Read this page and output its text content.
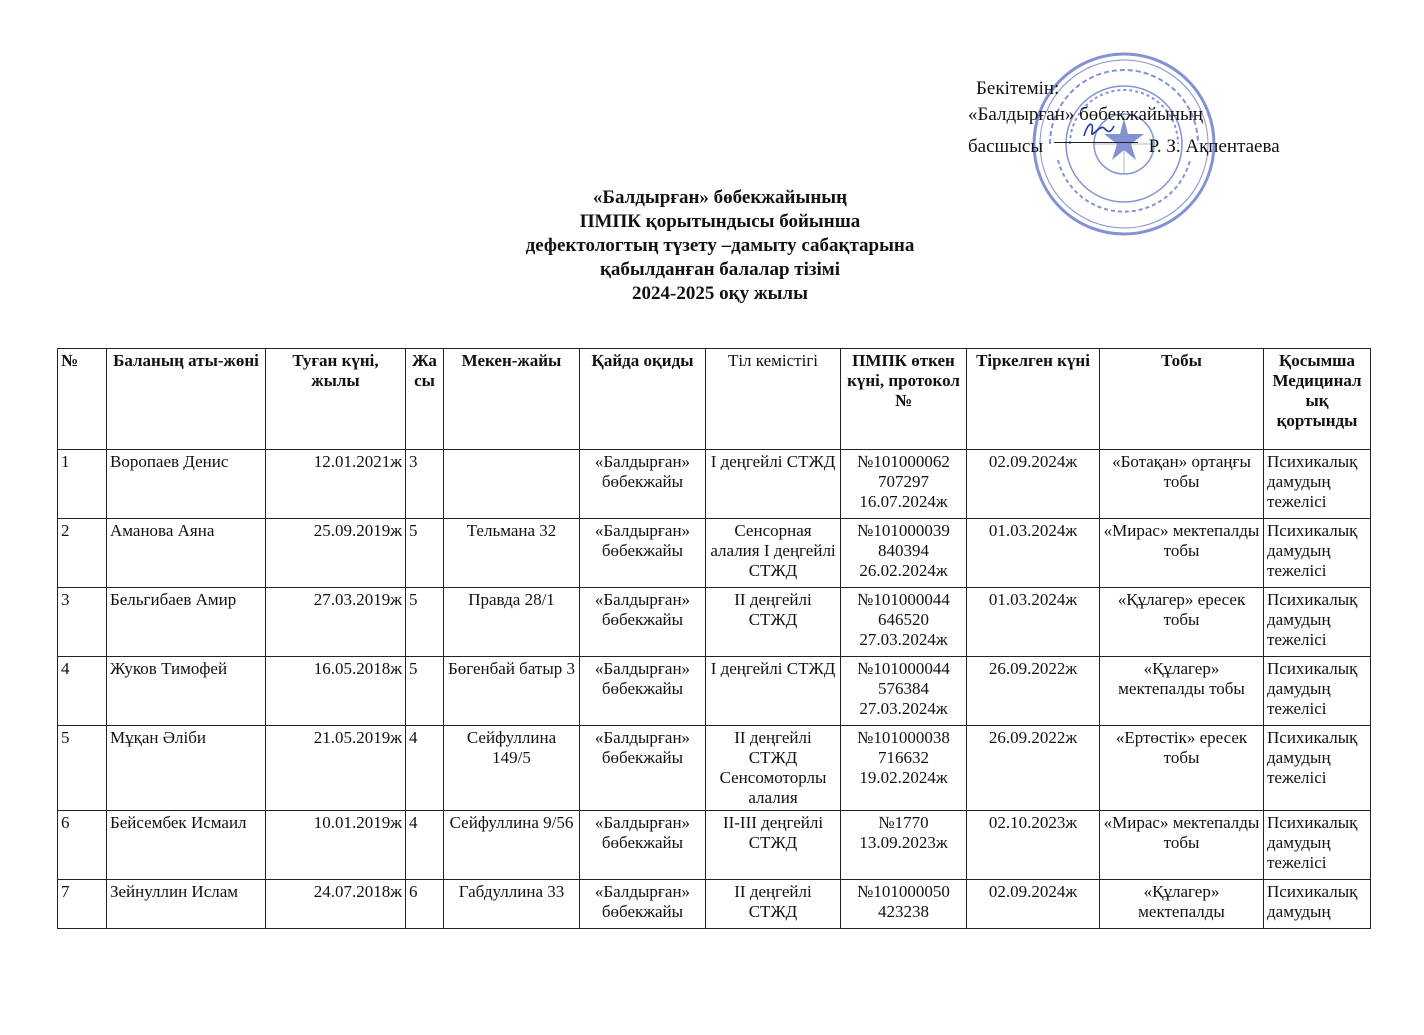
Бекітемін:
«Балдырған» бөбекжайының
басшысы	Р. З. Ақпентаева
«Балдырған» бөбекжайының
ПМПК қорытындысы бойынша
дефектологтың түзету –дамыту сабақтарына
қабылданған балалар тізімі
2024-2025 оқу жылы
№	Баланың аты-жөні	Туған күні, жылы	Жасы	Мекен-жайы	Қайда оқиды	Тіл кемістігі	ПМПК өткен күні, протокол №	Тіркелген күні	Тобы	Қосымша Медициналық қортынды
1	Воропаев Денис	12.01.2021ж	3		«Балдырған» бөбекжайы	I деңгейлі СТЖД	№101000062 707297 16.07.2024ж	02.09.2024ж	«Ботақан» ортаңғы тобы	Психикалық дамудың тежелісі
2	Аманова Аяна	25.09.2019ж	5	Тельмана 32	«Балдырған» бөбекжайы	Сенсорная алалия I деңгейлі СТЖД	№101000039 840394 26.02.2024ж	01.03.2024ж	«Мирас» мектепалды тобы	Психикалық дамудың тежелісі
3	Бельгибаев Амир	27.03.2019ж	5	Правда 28/1	«Балдырған» бөбекжайы	II деңгейлі СТЖД	№101000044 646520 27.03.2024ж	01.03.2024ж	«Құлагер» ересек тобы	Психикалық дамудың тежелісі
4	Жуков Тимофей	16.05.2018ж	5	Бөгенбай батыр 3	«Балдырған» бөбекжайы	I деңгейлі СТЖД	№101000044 576384 27.03.2024ж	26.09.2022ж	«Құлагер» мектепалды тобы	Психикалық дамудың тежелісі
5	Мұқан Әліби	21.05.2019ж	4	Сейфуллина 149/5	«Балдырған» бөбекжайы	II деңгейлі СТЖД Сенсомоторлы алалия	№101000038 716632 19.02.2024ж	26.09.2022ж	«Ертөстік» ересек тобы	Психикалық дамудың тежелісі
6	Бейсембек Исмаил	10.01.2019ж	4	Сейфуллина 9/56	«Балдырған» бөбекжайы	II-III деңгейлі СТЖД	№1770 13.09.2023ж	02.10.2023ж	«Мирас» мектепалды тобы	Психикалық дамудың тежелісі
7	Зейнуллин Ислам	24.07.2018ж	6	Габдуллина 33	«Балдырған» бөбекжайы	II деңгейлі СТЖД	№101000050 423238	02.09.2024ж	«Құлагер» мектепалды	Психикалық дамудың
